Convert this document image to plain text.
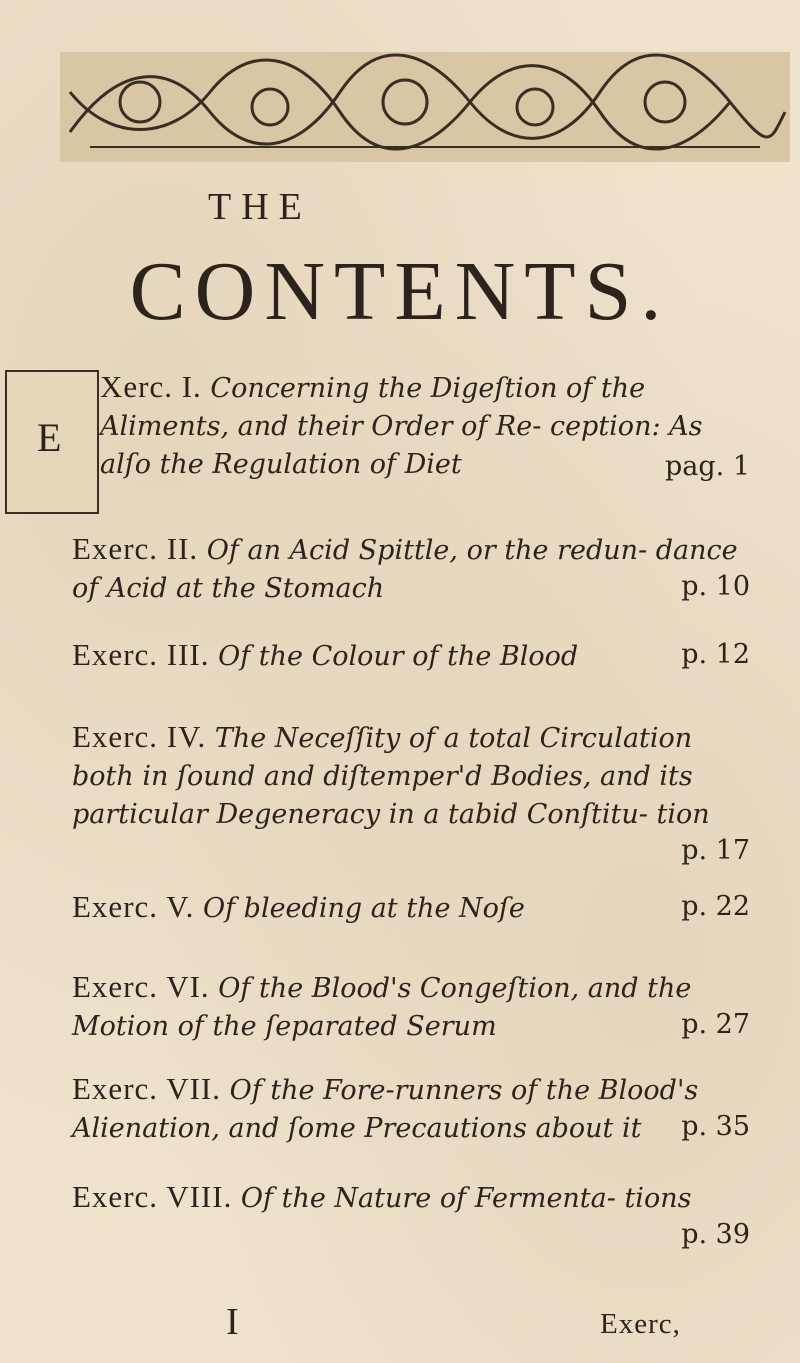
THE
CONTENTS.
E
Xerc. I. Concerning the Digeſtion of the Aliments, and their Order of Re- ception: As alſo the Regulation of Diet	pag. 1
Exerc. II. Of an Acid Spittle, or the redun- dance of Acid at the Stomach	p. 10
Exerc. III. Of the Colour of the Blood	p. 12
Exerc. IV. The Neceſſity of a total Circulation both in ſound and diſtemper'd Bodies, and its particular Degeneracy in a tabid Conſtitu- tion
p. 17
Exerc. V. Of bleeding at the Noſe	p. 22
Exerc. VI. Of the Blood's Congeſtion, and the Motion of the ſeparated Serum	p. 27
Exerc. VII. Of the Fore-runners of the Blood's Alienation, and ſome Precautions about it p. 35
Exerc. VIII. Of the Nature of Fermenta- tions
p. 39
I	Exerc,
